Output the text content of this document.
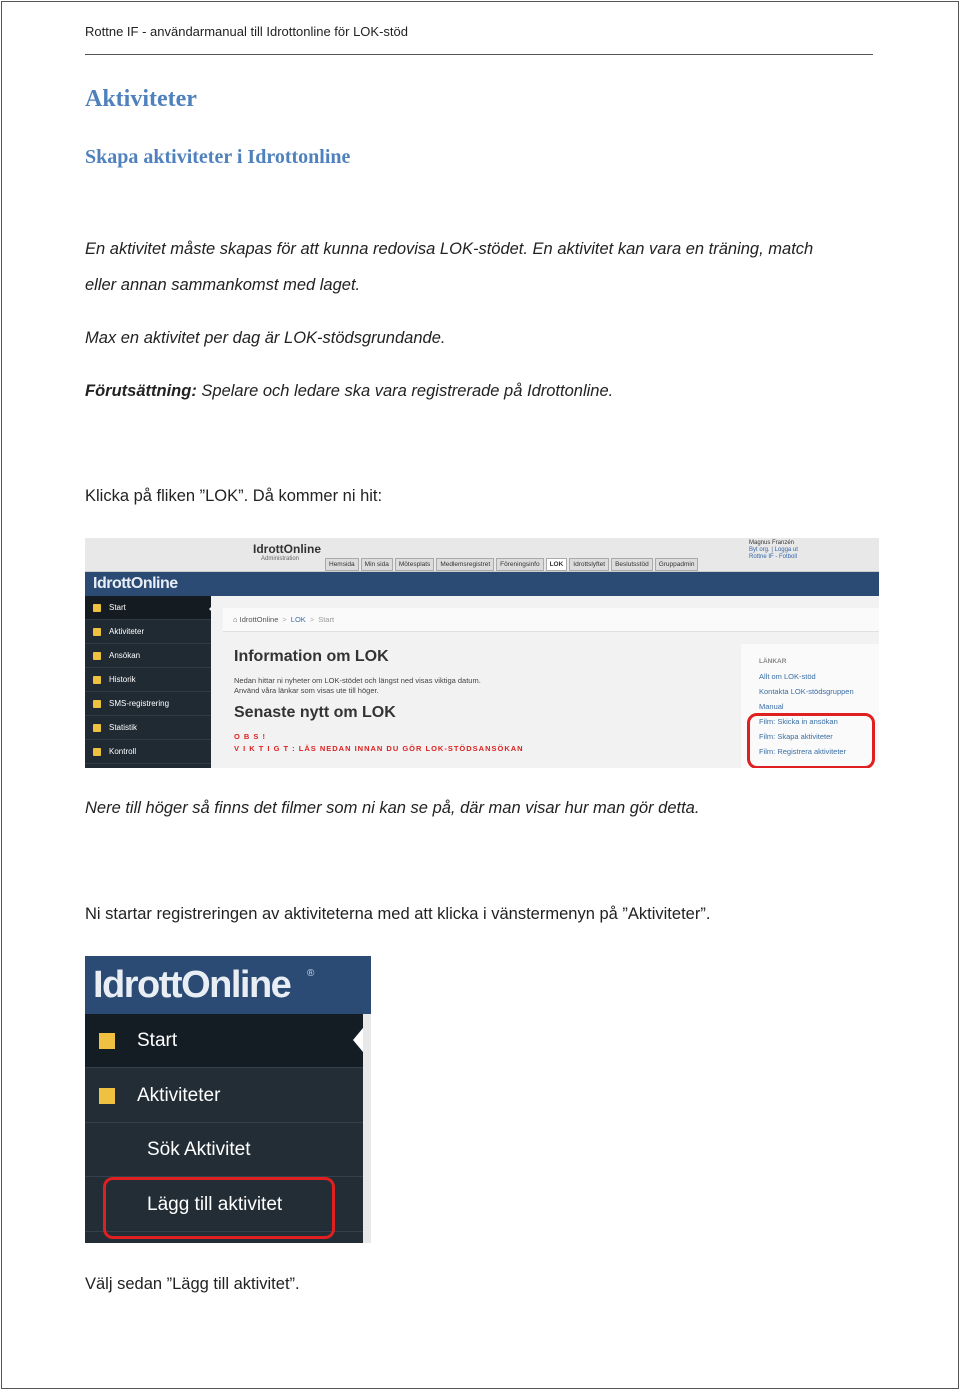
Rottne IF - användarmanual till Idrottonline för LOK-stöd
Aktiviteter
Skapa aktiviteter i Idrottonline
En aktivitet måste skapas för att kunna redovisa LOK-stödet. En aktivitet kan vara en träning, match
eller annan sammankomst med laget.
Max en aktivitet per dag är LOK-stödsgrundande.
Förutsättning: Spelare och ledare ska vara registrerade på Idrottonline.
Klicka på fliken ”LOK”. Då kommer ni hit:
IdrottOnline
Administration
Hemsida	Min sida	Mötesplats	Medlemsregistret	Föreningsinfo	LOK	Idrottslyftet	Beslutsstöd	Gruppadmin
Magnus Franzén
Byt org. | Logga ut
Rottne IF - Fotboll
IdrottOnline
Start
Aktiviteter
Ansökan
Historik
SMS-registrering
Statistik
Kontroll
⌂ IdrottOnline > LOK > Start
Information om LOK
Nedan hittar ni nyheter om LOK-stödet och längst ned visas viktiga datum.
Använd våra länkar som visas ute till höger.
Senaste nytt om LOK
O B S !
V I K T I G T : LÄS NEDAN INNAN DU GÖR LOK-STÖDSANSÖKAN
LÄNKAR
Allt om LOK-stöd
Kontakta LOK-stödsgruppen
Manual
Film: Skicka in ansökan
Film: Skapa aktiviteter
Film: Registrera aktiviteter
Nere till höger så finns det filmer som ni kan se på, där man visar hur man gör detta.
Ni startar registreringen av aktiviteterna med att klicka i vänstermenyn på ”Aktiviteter”.
IdrottOnline ®
Start
Aktiviteter
Sök Aktivitet
Lägg till aktivitet
Välj sedan ”Lägg till aktivitet”.
